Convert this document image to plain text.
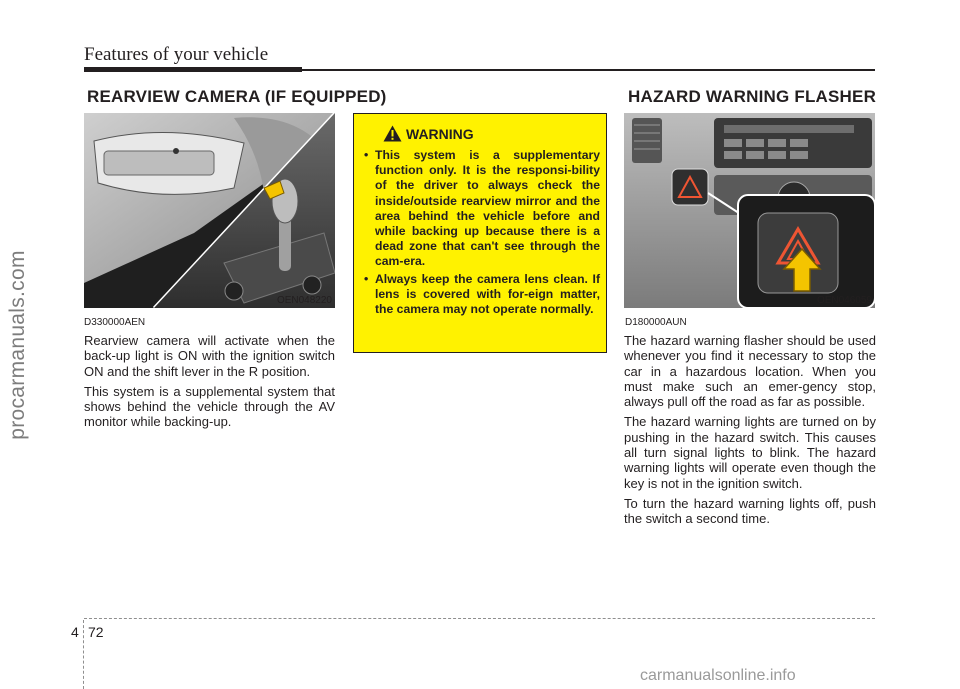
Features of your vehicle
procarmanuals.com
REARVIEW CAMERA (IF EQUIPPED)
OEN048220

D330000AEN

Rearview camera will activate when the back-up light is ON with the ignition switch ON and the shift lever in the R position.

This system is a supplemental system that shows behind the vehicle through the AV monitor while backing-up.

WARNING
• This system is a supplementary function only. It is the responsi-bility of the driver to always check the inside/outside rearview mirror and the area behind the vehicle before and while backing up because there is a dead zone that can't see through the cam-era.
• Always keep the camera lens clean. If lens is covered with for-eign matter, the camera may not operate normally.
HAZARD WARNING FLASHER
OEN046059

D180000AUN

The hazard warning flasher should be used whenever you find it necessary to stop the car in a hazardous location. When you must make such an emer-gency stop, always pull off the road as far as possible.

The hazard warning lights are turned on by pushing in the hazard switch. This causes all turn signal lights to blink. The hazard warning lights will operate even though the key is not in the ignition switch.

To turn the hazard warning lights off, push the switch a second time.

4 72
carmanualsonline.info
